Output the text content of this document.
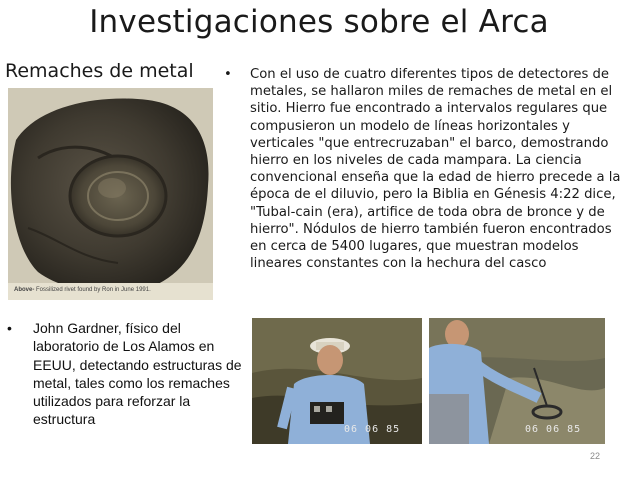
Investigaciones sobre el Arca
Remaches de metal
Above- Fossilized rivet found by Ron in June 1991.
• Con el uso de cuatro diferentes tipos de detectores de metales, se hallaron miles de remaches de metal en el sitio. Hierro fue encontrado a intervalos regulares que compusieron un modelo de líneas horizontales y verticales "que entrecruzaban" el barco, demostrando hierro en los niveles de cada mampara. La ciencia convencional enseña que la edad de hierro precede a la época de el diluvio, pero la Biblia en Génesis 4:22 dice, "Tubal-cain (era), artifice de toda obra de bronce y de hierro". Nódulos de hierro también fueron encontrados en cerca de 5400 lugares, que muestran modelos lineares constantes con la hechura del casco
• John Gardner, físico del laboratorio de Los Alamos en EEUU, detectando estructuras de metal, tales como los remaches utilizados para reforzar la estructura
06 06 85	06 06 85
22
